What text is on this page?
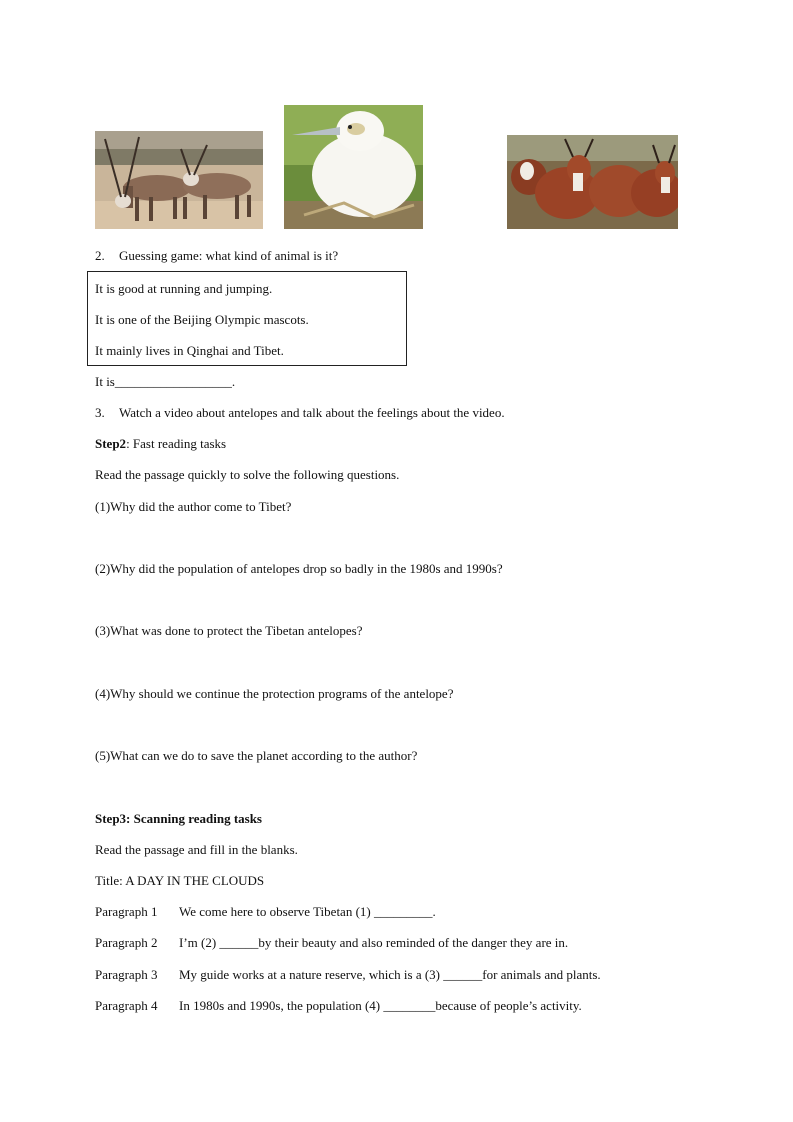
2. Guessing game: what kind of animal is it?
It is good at running and jumping.
It is one of the Beijing Olympic mascots.
It mainly lives in Qinghai and Tibet.
It is__________________.
3. Watch a video about antelopes and talk about the feelings about the video.
Step2: Fast reading tasks
Read the passage quickly to solve the following questions.
(1)Why did the author come to Tibet?
(2)Why did the population of antelopes drop so badly in the 1980s and 1990s?
(3)What was done to protect the Tibetan antelopes?
(4)Why should we continue the protection programs of the antelope?
(5)What can we do to save the planet according to the author?
Step3: Scanning reading tasks
Read the passage and fill in the blanks.
Title: A DAY IN THE CLOUDS
Paragraph 1 We come here to observe Tibetan (1) _________.
Paragraph 2 I’m (2) ______by their beauty and also reminded of the danger they are in.
Paragraph 3 My guide works at a nature reserve, which is a (3) ______for animals and plants.
Paragraph 4 In 1980s and 1990s, the population (4) ________because of people’s activity.
